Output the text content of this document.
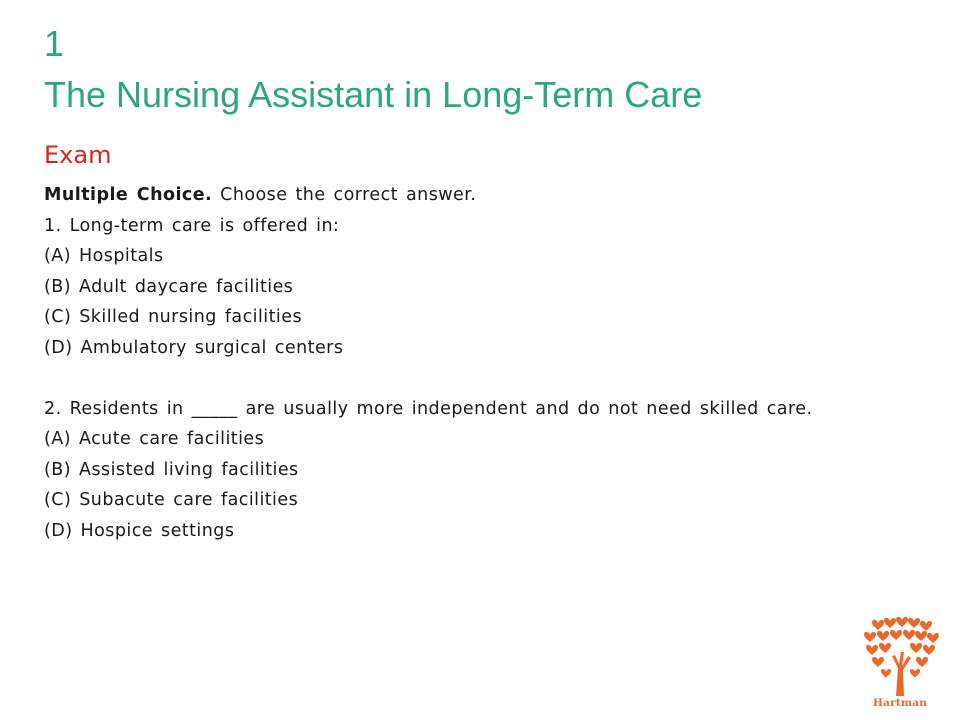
1
The Nursing Assistant in Long-Term Care
Exam
Multiple Choice. Choose the correct answer.
1. Long-term care is offered in:
(A) Hospitals
(B) Adult daycare facilities
(C) Skilled nursing facilities
(D) Ambulatory surgical centers
2. Residents in _____ are usually more independent and do not need skilled care.
(A) Acute care facilities
(B) Assisted living facilities
(C) Subacute care facilities
(D) Hospice settings
Hartman
